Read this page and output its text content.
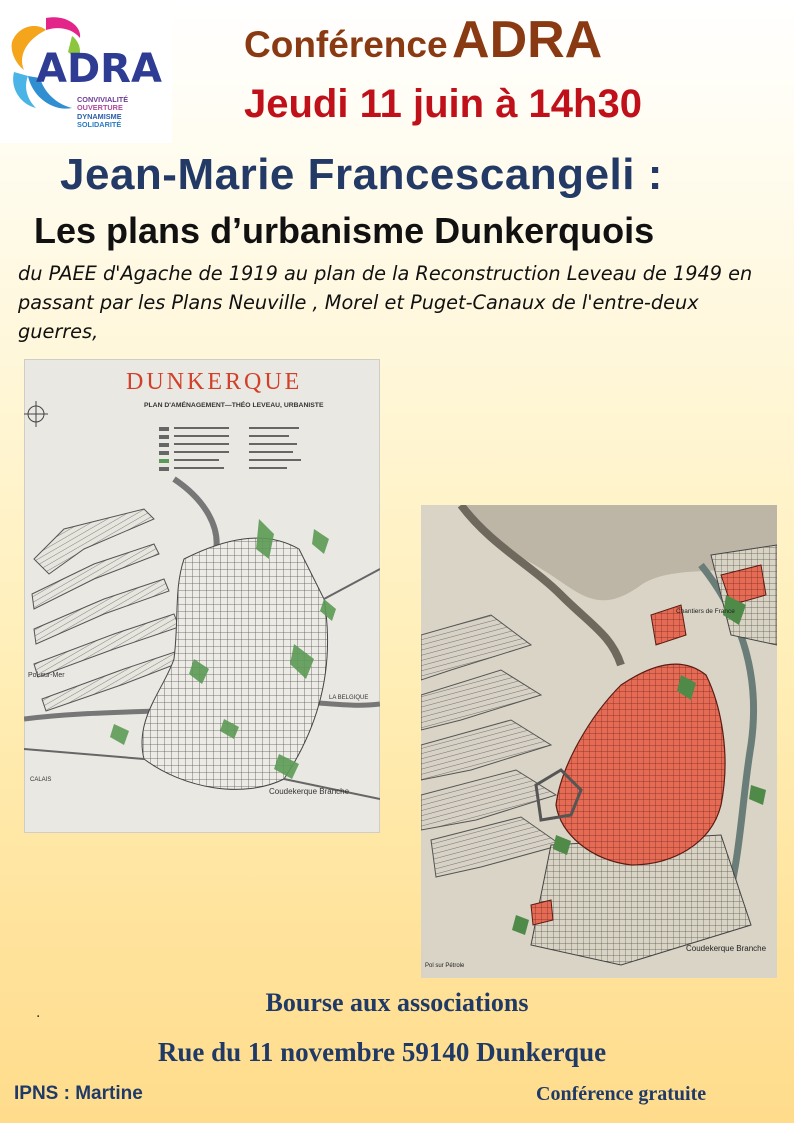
ADRA
CONVIVIALITÉ
OUVERTURE
DYNAMISME
SOLIDARITÉ
Conférence ADRA
Jeudi 11 juin à 14h30
Jean-Marie Francescangeli :
Les plans d’urbanisme Dunkerquois
du PAEE d'Agache de 1919 au plan de la Reconstruction Leveau de 1949 en passant par les Plans Neuville , Morel et Puget-Canaux de l'entre-deux guerres,
DUNKERQUE
PLAN D'AMÉNAGEMENT—THÉO LEVEAU, URBANISTE
Coudekerque Branche
Pol-sur-Mer
LA BELGIQUE
CALAIS
Chantiers de France
Coudekerque Branche
Pol sur Pétrole
.	Bourse aux associations
Rue du 11 novembre 59140 Dunkerque
IPNS : Martine	Conférence gratuite
